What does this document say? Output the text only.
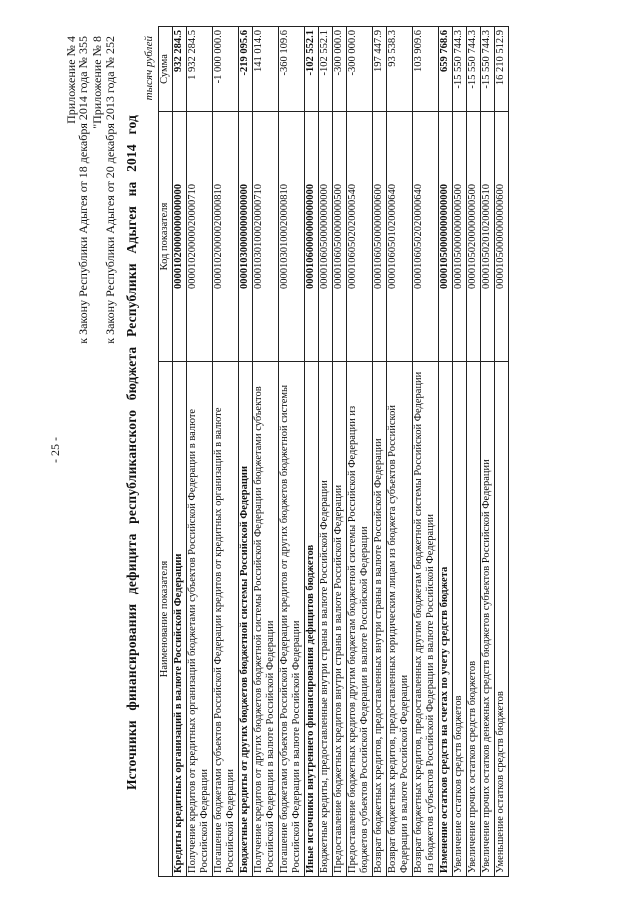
- 25 -
Приложение № 4
к Закону Республики Адыгея от 18 декабря 2014 года № 355 "Приложение № 8 к Закону Республики Адыгея от 20 декабря 2013 года № 252 Источники финансирования дефицита республиканского бюджета Республики Адыгея на 2014 год
тысяч рублей
Наименование показателя	Код показателя	Сумма
Кредиты кредитных организаций в валюте Российской Федерации	00001020000000000000	932 284.5
Получение кредитов от кредитных организаций бюджетами субъектов Российской Федерации в валюте Российской Федерации	00001020000020000710	1 932 284.5
Погашение бюджетами субъектов Российской Федерации кредитов от кредитных организаций в валюте Российской Федерации	00001020000020000810	-1 000 000.0
Бюджетные кредиты от других бюджетов бюджетной системы Российской Федерации	00001030000000000000	-219 095.6
Получение кредитов от других бюджетов бюджетной системы Российской Федерации бюджетами субъектов Российской Федерации в валюте Российской Федерации	00001030100020000710	141 014.0
Погашение бюджетами субъектов Российской Федерации кредитов от других бюджетов бюджетной системы Российской Федерации в валюте Российской Федерации	00001030100020000810	-360 109.6
Иные источники внутреннего финансирования дефицитов бюджетов	00001060000000000000	-102 552.1
Бюджетные кредиты, предоставленные внутри страны в валюте Российской Федерации	00001060500000000000	-102 552.1
Предоставление бюджетных кредитов внутри страны в валюте Российской Федерации	00001060500000000500	-300 000.0
Предоставление бюджетных кредитов другим бюджетам бюджетной системы Российской Федерации из бюджетов субъектов Российской Федерации в валюте Российской Федерации	00001060502020000540	-300 000.0
Возврат бюджетных кредитов, предоставленных внутри страны в валюте Российской Федерации	00001060500000000600	197 447.9
Возврат бюджетных кредитов, предоставленных юридическим лицам из бюджета субъектов Российской Федерации в валюте Российской Федерации	00001060501020000640	93 538.3
Возврат бюджетных кредитов, предоставленных другим бюджетам бюджетной системы Российской Федерации из бюджетов субъектов Российской Федерации в валюте Российской Федерации	00001060502020000640	103 909.6
Изменение остатков средств на счетах по учету средств бюджета	00001050000000000000	659 768.6
Увеличение остатков средств бюджетов	00001050000000000500	-15 550 744.3
Увеличение прочих остатков средств бюджетов	00001050200000000500	-15 550 744.3
Увеличение прочих остатков денежных средств бюджетов субъектов Российской Федерации	00001050201020000510	-15 550 744.3
Уменьшение остатков средств бюджетов	00001050000000000600	16 210 512.9
